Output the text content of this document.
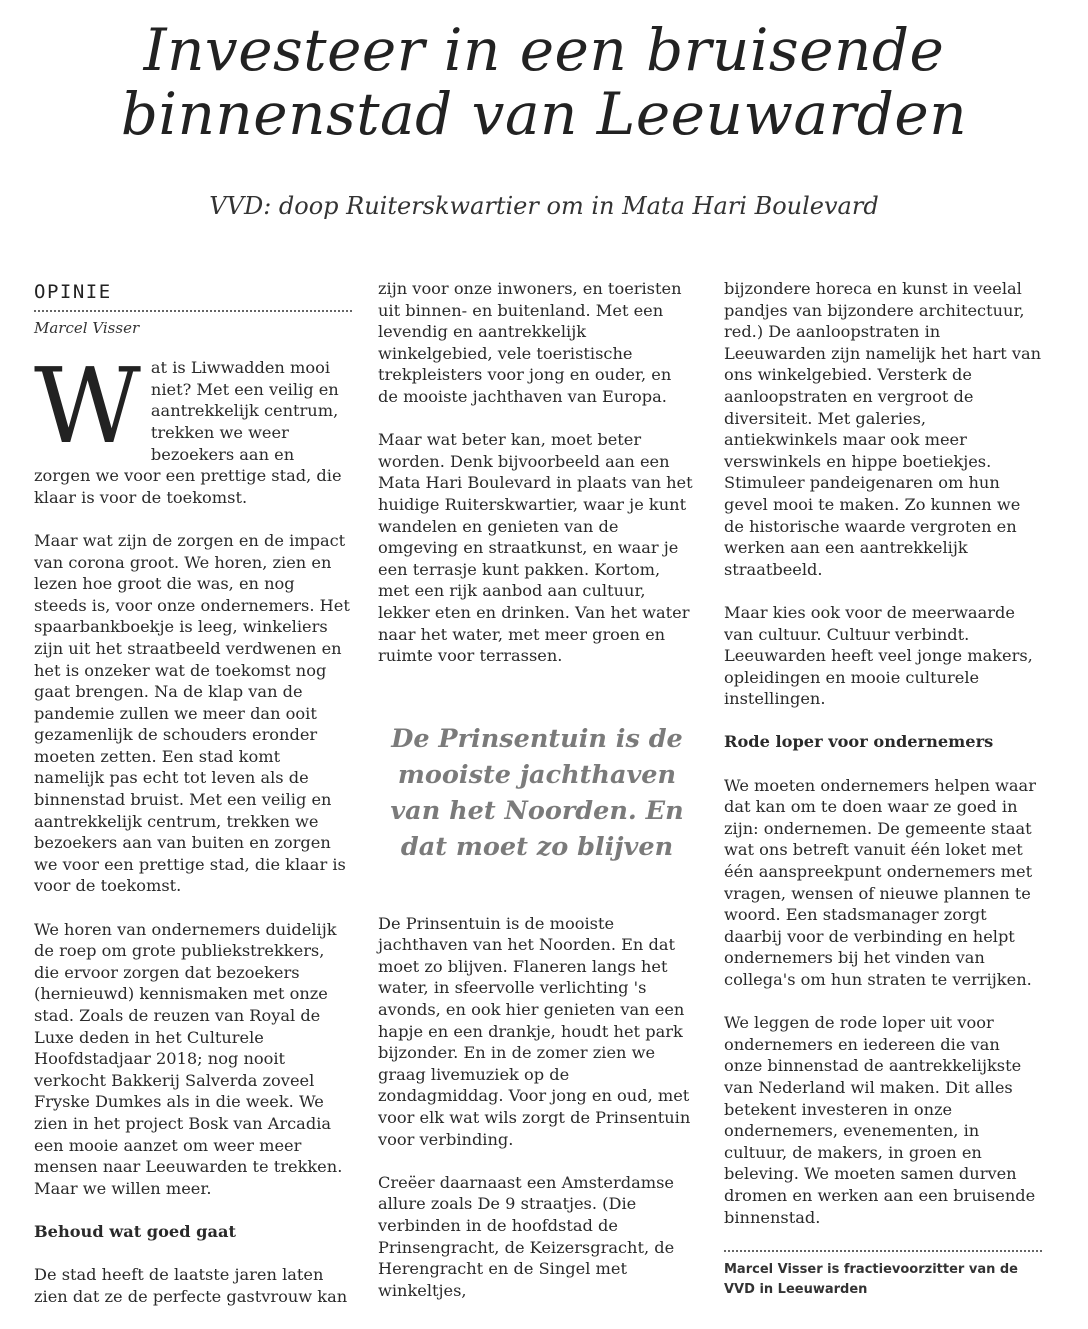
Investeer in een bruisende
binnenstad van Leeuwarden
VVD: doop Ruiterskwartier om in Mata Hari Boulevard
OPINIE
Marcel Visser

Wat is Liwwadden mooi niet? Met een veilig en aantrekkelijk centrum, trekken we weer bezoekers aan en zorgen we voor een prettige stad, die klaar is voor de toekomst.

Maar wat zijn de zorgen en de impact van corona groot. We horen, zien en lezen hoe groot die was, en nog steeds is, voor onze ondernemers. Het spaarbankboekje is leeg, winkeliers zijn uit het straatbeeld verdwenen en het is onzeker wat de toekomst nog gaat brengen. Na de klap van de pandemie zullen we meer dan ooit gezamenlijk de schouders eronder moeten zetten. Een stad komt namelijk pas echt tot leven als de binnenstad bruist. Met een veilig en aantrekkelijk centrum, trekken we bezoekers aan van buiten en zorgen we voor een prettige stad, die klaar is voor de toekomst.

We horen van ondernemers duidelijk de roep om grote publiekstrekkers, die ervoor zorgen dat bezoekers (hernieuwd) kennismaken met onze stad. Zoals de reuzen van Royal de Luxe deden in het Culturele Hoofdstadjaar 2018; nog nooit verkocht Bakkerij Salverda zoveel Fryske Dumkes als in die week. We zien in het project Bosk van Arcadia een mooie aanzet om weer meer mensen naar Leeuwarden te trekken. Maar we willen meer.

Behoud wat goed gaat

De stad heeft de laatste jaren laten zien dat ze de perfecte gastvrouw kan

zijn voor onze inwoners, en toeristen uit binnen- en buitenland. Met een levendig en aantrekkelijk winkelgebied, vele toeristische trekpleisters voor jong en ouder, en de mooiste jachthaven van Europa.

Maar wat beter kan, moet beter worden. Denk bijvoorbeeld aan een Mata Hari Boulevard in plaats van het huidige Ruiterskwartier, waar je kunt wandelen en genieten van de omgeving en straatkunst, en waar je een terrasje kunt pakken. Kortom, met een rijk aanbod aan cultuur, lekker eten en drinken. Van het water naar het water, met meer groen en ruimte voor terrassen.

De Prinsentuin is de mooiste jachthaven van het Noorden. En dat moet zo blijven

De Prinsentuin is de mooiste jachthaven van het Noorden. En dat moet zo blijven. Flaneren langs het water, in sfeervolle verlichting 's avonds, en ook hier genieten van een hapje en een drankje, houdt het park bijzonder. En in de zomer zien we graag livemuziek op de zondagmiddag. Voor jong en oud, met voor elk wat wils zorgt de Prinsentuin voor verbinding.

Creëer daarnaast een Amsterdamse allure zoals De 9 straatjes. (Die verbinden in de hoofdstad de Prinsengracht, de Keizersgracht, de Herengracht en de Singel met winkeltjes,

bijzondere horeca en kunst in veelal pandjes van bijzondere architectuur, red.) De aanloopstraten in Leeuwarden zijn namelijk het hart van ons winkelgebied. Versterk de aanloopstraten en vergroot de diversiteit. Met galeries, antiekwinkels maar ook meer verswinkels en hippe boetiekjes. Stimuleer pandeigenaren om hun gevel mooi te maken. Zo kunnen we de historische waarde vergroten en werken aan een aantrekkelijk straatbeeld.

Maar kies ook voor de meerwaarde van cultuur. Cultuur verbindt. Leeuwarden heeft veel jonge makers, opleidingen en mooie culturele instellingen.

Rode loper voor ondernemers

We moeten ondernemers helpen waar dat kan om te doen waar ze goed in zijn: ondernemen. De gemeente staat wat ons betreft vanuit één loket met één aanspreekpunt ondernemers met vragen, wensen of nieuwe plannen te woord. Een stadsmanager zorgt daarbij voor de verbinding en helpt ondernemers bij het vinden van collega's om hun straten te verrijken.

We leggen de rode loper uit voor ondernemers en iedereen die van onze binnenstad de aantrekkelijkste van Nederland wil maken. Dit alles betekent investeren in onze ondernemers, evenementen, in cultuur, de makers, in groen en beleving. We moeten samen durven dromen en werken aan een bruisende binnenstad.

Marcel Visser is fractievoorzitter van de VVD in Leeuwarden
